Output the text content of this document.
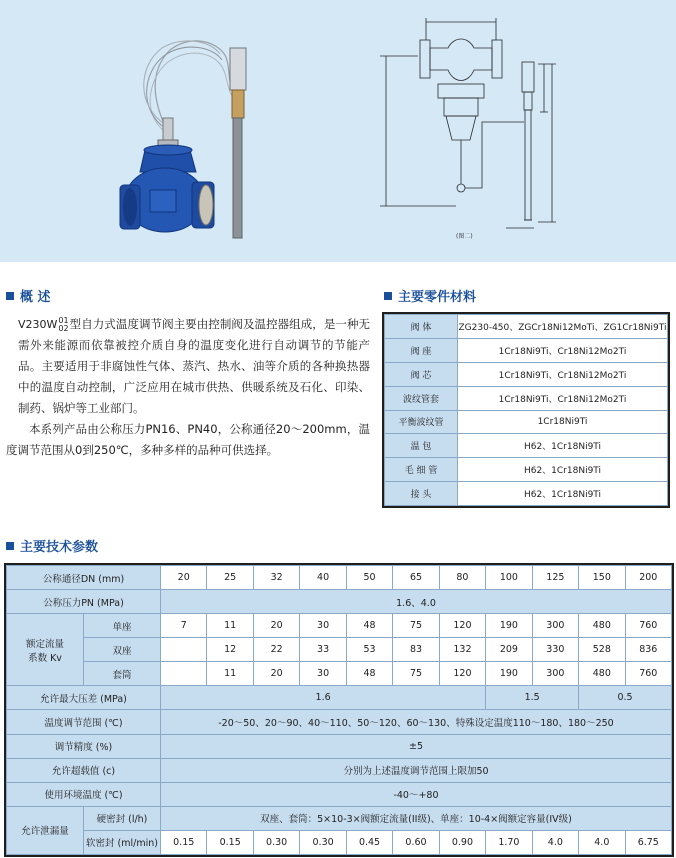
(图二)
概 述

V230W01
02型自力式温度调节阀主要由控制阀及温控器组成，是一种无需外来能源而依靠被控介质自身的温度变化进行自动调节的节能产品。主要适用于非腐蚀性气体、蒸汽、热水、油等介质的各种换热器中的温度自动控制，广泛应用在城市供热、供暖系统及石化、印染、制药、锅炉等工业部门。

本系列产品由公称压力PN16、PN40，公称通径20～200mm，温度调节范围从0到250℃，多种多样的品种可供选择。

主要零件材料
阀 体	ZG230-450、ZGCr18Ni12MoTi、ZG1Cr18Ni9Ti
阀 座	1Cr18Ni9Ti、Cr18Ni12Mo2Ti
阀 芯	1Cr18Ni9Ti、Cr18Ni12Mo2Ti
波纹管套	1Cr18Ni9Ti、Cr18Ni12Mo2Ti
平衡波纹管	1Cr18Ni9Ti
温 包	H62、1Cr18Ni9Ti
毛 细 管	H62、1Cr18Ni9Ti
接 头	H62、1Cr18Ni9Ti
主要技术参数
公称通径DN (mm)		20	25	32	40	50	65	80	100	125	150	200
公称压力PN (MPa)		1.6、4.0										
额定流量
系数 Kv	单座	7	11	20	30	48	75	120	190	300	480	760
	双座		12	22	33	53	83	132	209	330	528	836
	套筒		11	20	30	48	75	120	190	300	480	760
允许最大压差 (MPa)		1.6							1.5		0.5	
温度调节范围 (℃)		-20～50、20～90、40～110、50～120、60～130、特殊设定温度110～180、180～250										
调节精度 (%)		±5										
允许超载值 (c)		分别为上述温度调节范围上限加50										
使用环境温度 (℃)		-40～+80										
允许泄漏量	硬密封 (l/h)	双座、套筒：5×10-3×阀额定流量(II级)、单座：10-4×阀额定容量(IV级)										
	软密封 (ml/min)	0.15	0.15	0.30	0.30	0.45	0.60	0.90	1.70	4.0	4.0	6.75
